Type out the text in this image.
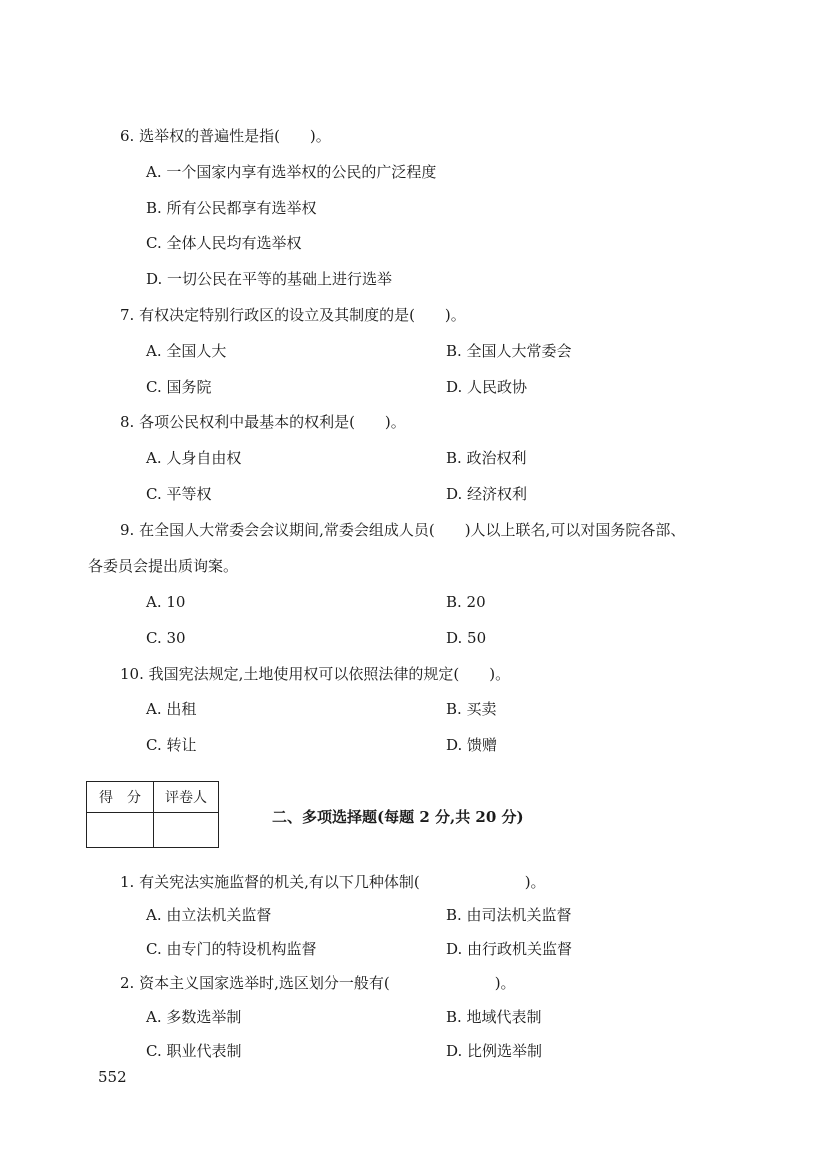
6. 选举权的普遍性是指(　　)。
A. 一个国家内享有选举权的公民的广泛程度
B. 所有公民都享有选举权
C. 全体人民均有选举权
D. 一切公民在平等的基础上进行选举
7. 有权决定特别行政区的设立及其制度的是(　　)。
A. 全国人大	B. 全国人大常委会
C. 国务院	D. 人民政协
8. 各项公民权利中最基本的权利是(　　)。
A. 人身自由权	B. 政治权利
C. 平等权	D. 经济权利
9. 在全国人大常委会会议期间,常委会组成人员(　　)人以上联名,可以对国务院各部、
各委员会提出质询案。
A. 10	B. 20
C. 30	D. 50
10. 我国宪法规定,土地使用权可以依照法律的规定(　　)。
A. 出租	B. 买卖
C. 转让	D. 馈赠
得　分	评卷人

二、多项选择题(每题 2 分,共 20 分)
1. 有关宪法实施监督的机关,有以下几种体制(　　　　　　　)。
A. 由立法机关监督	B. 由司法机关监督
C. 由专门的特设机构监督	D. 由行政机关监督
2. 资本主义国家选举时,选区划分一般有(　　　　　　　)。
A. 多数选举制	B. 地域代表制
C. 职业代表制	D. 比例选举制
552
